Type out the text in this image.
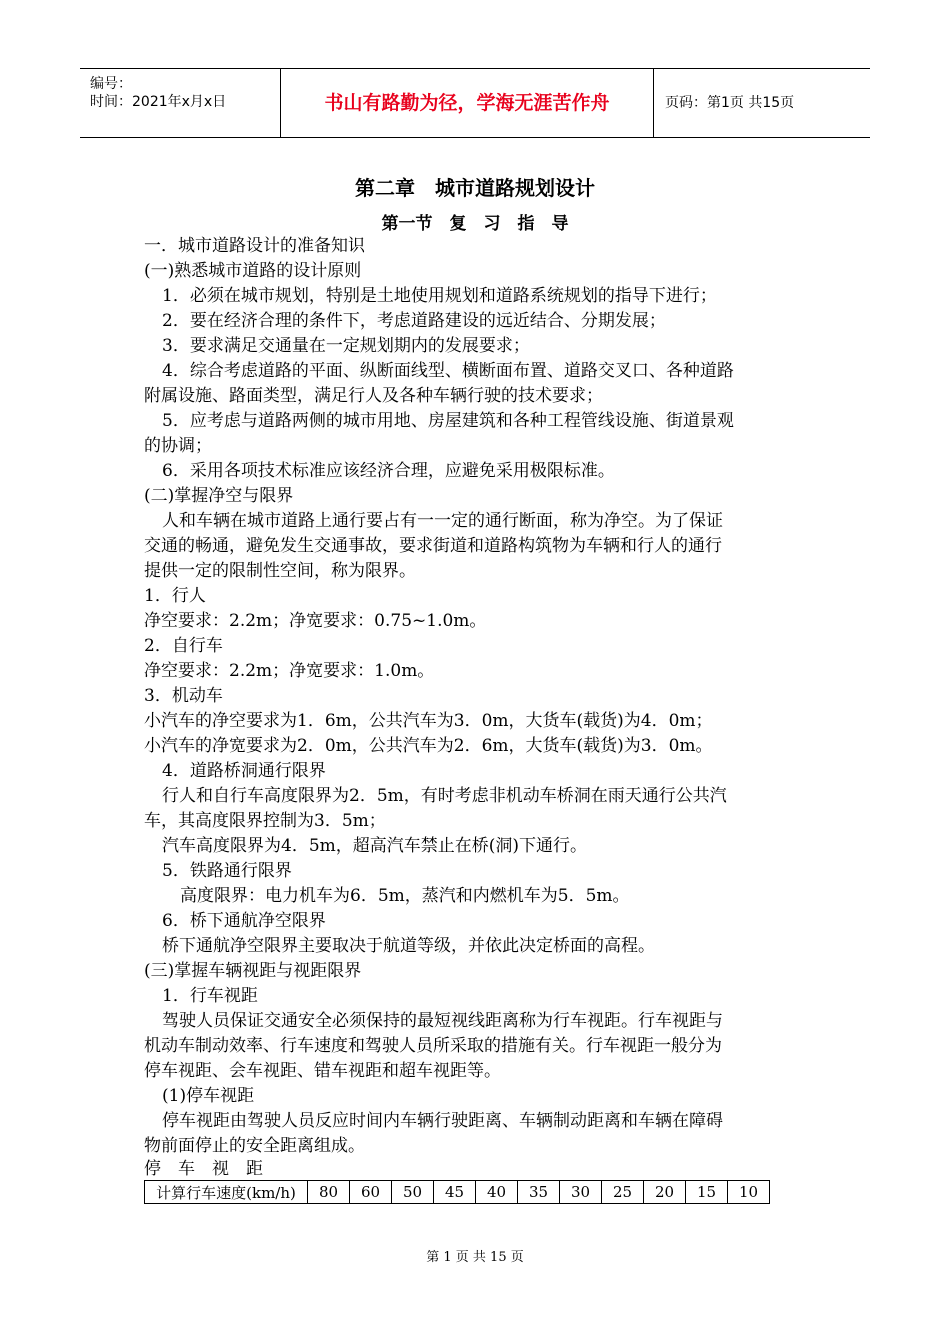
编号：
时间：2021年x月x日	书山有路勤为径，学海无涯苦作舟	页码：第1页 共15页
第二章　城市道路规划设计
第一节　复　习　指　导
一．城市道路设计的准备知识
(一)熟悉城市道路的设计原则
1．必须在城市规划，特别是土地使用规划和道路系统规划的指导下进行；
2．要在经济合理的条件下，考虑道路建设的远近结合、分期发展；
3．要求满足交通量在一定规划期内的发展要求；
4．综合考虑道路的平面、纵断面线型、横断面布置、道路交叉口、各种道路
附属设施、路面类型，满足行人及各种车辆行驶的技术要求；
5．应考虑与道路两侧的城市用地、房屋建筑和各种工程管线设施、街道景观
的协调；
6．采用各项技术标准应该经济合理，应避免采用极限标准。
(二)掌握净空与限界
人和车辆在城市道路上通行要占有一一定的通行断面，称为净空。为了保证
交通的畅通，避免发生交通事故，要求街道和道路构筑物为车辆和行人的通行
提供一定的限制性空间，称为限界。
1．行人
净空要求：2.2m；净宽要求：0.75~1.0m。
2．自行车
净空要求：2.2m；净宽要求：1.0m。
3．机动车
小汽车的净空要求为1．6m，公共汽车为3．0m，大货车(载货)为4．0m；
小汽车的净宽要求为2．0m，公共汽车为2．6m，大货车(载货)为3．0m。
4．道路桥洞通行限界
行人和自行车高度限界为2．5m，有时考虑非机动车桥洞在雨天通行公共汽
车，其高度限界控制为3．5m；
汽车高度限界为4．5m，超高汽车禁止在桥(洞)下通行。
5．铁路通行限界
高度限界：电力机车为6．5m，蒸汽和内燃机车为5．5m。
6．桥下通航净空限界
桥下通航净空限界主要取决于航道等级，并依此决定桥面的高程。
(三)掌握车辆视距与视距限界
1．行车视距
驾驶人员保证交通安全必须保持的最短视线距离称为行车视距。行车视距与
机动车制动效率、行车速度和驾驶人员所采取的措施有关。行车视距一般分为
停车视距、会车视距、错车视距和超车视距等。
(1)停车视距
停车视距由驾驶人员反应时间内车辆行驶距离、车辆制动距离和车辆在障碍
物前面停止的安全距离组成。
停　车　视　距
计算行车速度(km/h)	80	60	50	45	40	35	30	25	20	15	10
第 1 页 共 15 页
